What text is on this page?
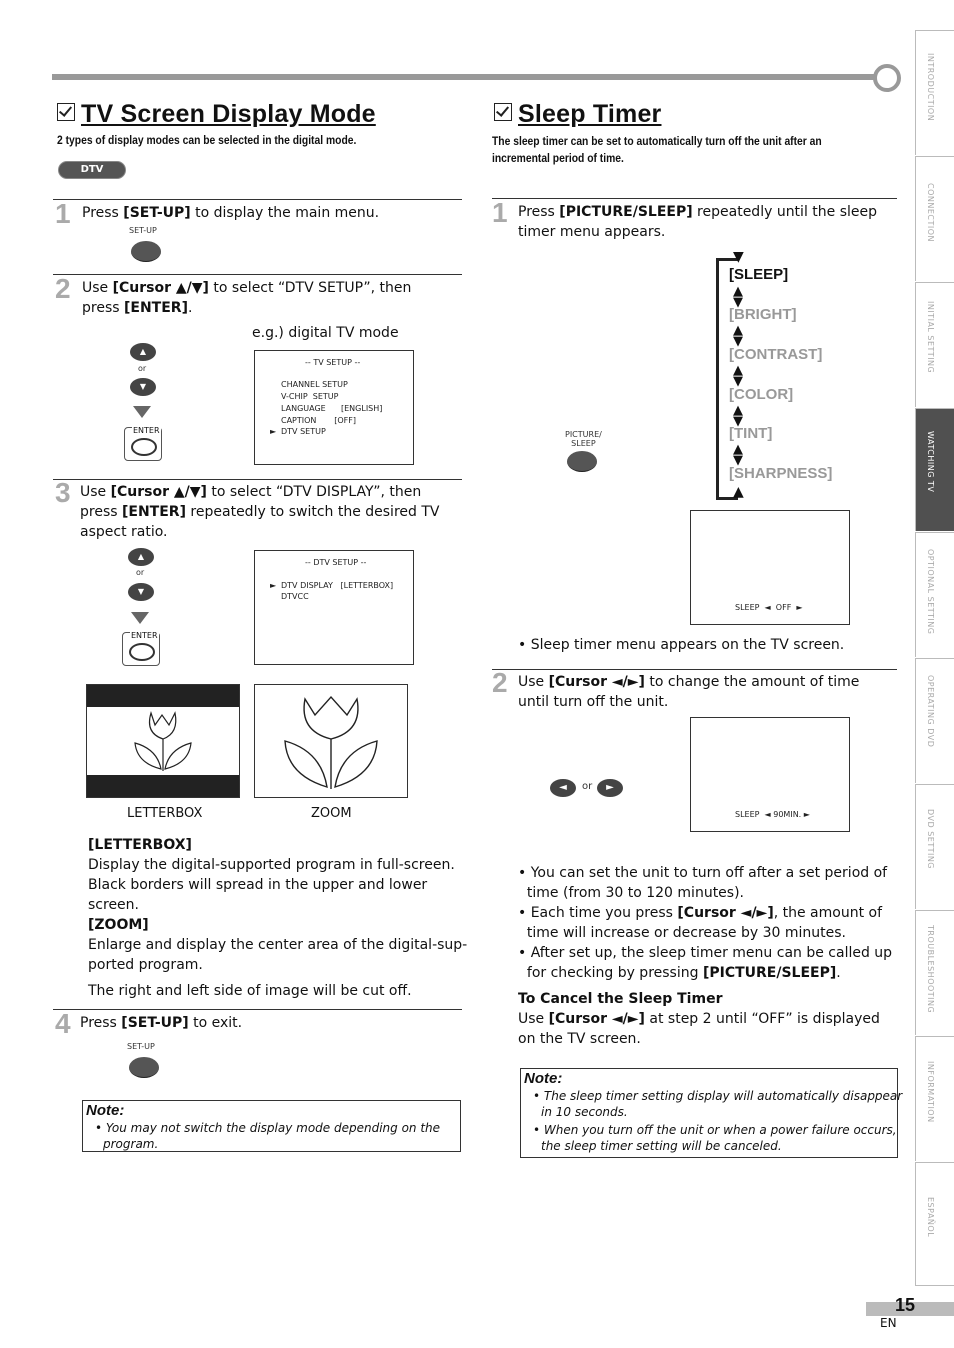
TV Screen Display Mode
2 types of display modes can be selected in the digital mode.
DTV
1 Press [SET-UP] to display the main menu.
SET-UP
2 Use [Cursor ▲/▼] to select “DTV SETUP”, then
press [ENTER].
e.g.) digital TV mode
▲
or
▼
ENTER
-- TV SETUP --
CHANNEL SETUP
V-CHIP  SETUP
LANGUAGE      [ENGLISH]
CAPTION       [OFF]
► DTV SETUP
3 Use [Cursor ▲/▼] to select “DTV DISPLAY”, then
press [ENTER] repeatedly to switch the desired TV
aspect ratio.
▲
or
▼
ENTER
-- DTV SETUP --
► DTV DISPLAY   [LETTERBOX]
DTVCC
LETTERBOX	ZOOM
[LETTERBOX]
Display the digital-supported program in full-screen.
Black borders will spread in the upper and lower
screen.
[ZOOM]
Enlarge and display the center area of the digital-sup-
ported program.
The right and left side of image will be cut off.
4 Press [SET-UP] to exit.
SET-UP
Note:
• You may not switch the display mode depending on the
program.
Sleep Timer
The sleep timer can be set to automatically turn off the unit after an
incremental period of time.
1 Press [PICTURE/SLEEP] repeatedly until the sleep
timer menu appears.
▼
▲
[SLEEP]
▲
▼
[BRIGHT]
▲
▼
[CONTRAST]
▲
▼
[COLOR]
▲
▼
[TINT]
▲
▼
[SHARPNESS]
PICTURE/
SLEEP
SLEEP  ◄  OFF  ►
• Sleep timer menu appears on the TV screen.
2 Use [Cursor ◄/►] to change the amount of time
until turn off the unit.
◄	or	►
SLEEP  ◄ 90MIN. ►

• You can set the unit to turn off after a set period of
time (from 30 to 120 minutes).
• Each time you press [Cursor ◄/►], the amount of
time will increase or decrease by 30 minutes.
• After set up, the sleep timer menu can be called up
for checking by pressing [PICTURE/SLEEP].
To Cancel the Sleep Timer
Use [Cursor ◄/►] at step 2 until “OFF” is displayed
on the TV screen.
Note:
• The sleep timer setting display will automatically disappear
in 10 seconds.
• When you turn off the unit or when a power failure occurs,
the sleep timer setting will be canceled.
INTRODUCTION
CONNECTION
INITIAL SETTING
WATCHING TV
OPTIONAL SETTING
OPERATING DVD
DVD SETTING
TROUBLESHOOTING
INFORMATION
ESPAÑOL
15
EN
